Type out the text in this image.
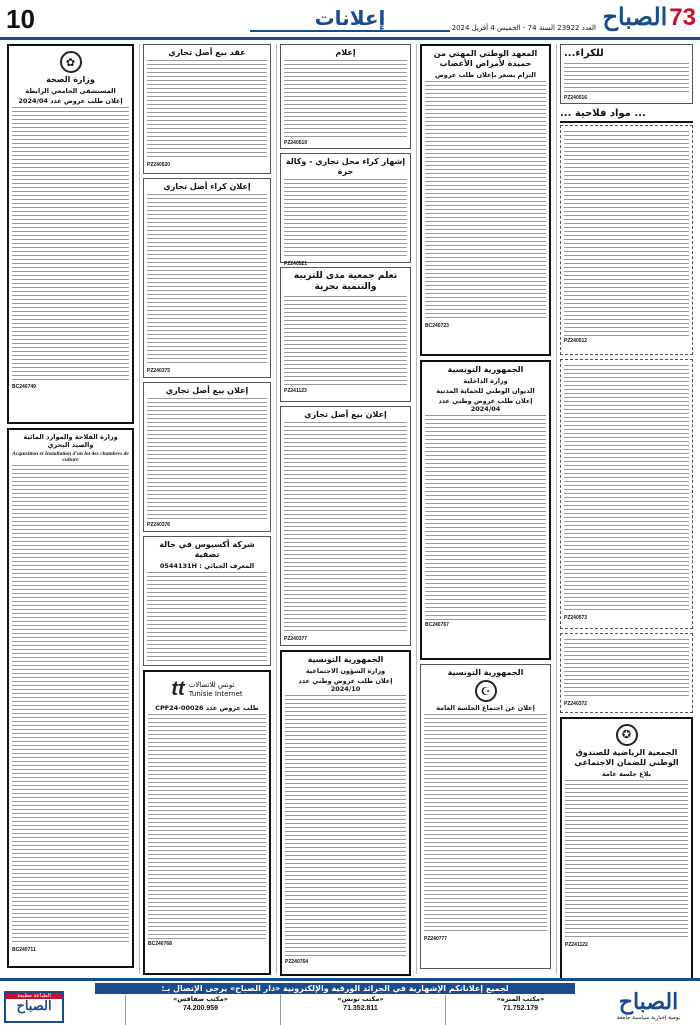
10	إعلانات	73الصباح
العدد 23922 السنة 74 - الخميس 4 أفريل 2024
للكراء...
PZ240516
... مواد فلاحية ...
PZ240512
PZ240573
PZ240372
✪
الجمعية الرياضية للصندوق الوطني للضمان الاجتماعي
بلاغ جلسة عامة
PZ241122
المعهد الوطني المهني من حميدة لأمراض الأعصاب
التزام بسعر بإعلان طلب عروض
BC240723
الجمهورية التونسية
وزارة الداخلية
الديوان الوطني للحماية المدنية
إعلان طلب عروض وطني عدد 2024/04
BC240767
الجمهورية التونسية
☪
إعلان عن اجتماع الجلسة العامة
PZ240777
إعلام
PZ240519
إشهار كراء محل تجاري - وكالة حرة
PZ240521
تعلم جمعية مدى للتربية والتنمية بجربة
PZ241123
إعلان بيع أصل تجاري
PZ240377
الجمهورية التونسية
وزارة الشؤون الاجتماعية
إعلان طلب عروض وطني عدد 2024/10
PZ240764
عقد بيع أصل تجاري
PZ240520
إعلان كراء أصل تجاري
PZ240375
إعلان بيع أصل تجاري
PZ240376
شركة أكسيوس في حالة تصفية
المعرف الجبائي : 0544131H
tt تونس للاتصالات
Tunisie Internet
طلب عروض عدد CPF24-00026
BC240768
✿
وزارة الصحة
المستشفى الجامعي الرابطة
إعلان طلب عروض عدد 2024/04
BC240749
وزارة الفلاحة والموارد المائية والصيد البحري
Acquisition et Installation d'un lot des chambres de culture
BC240711
لجميع إعلاناتكم الإشهارية في الجرائد الورقية والإلكترونية «دار الصباح» يرجى الإتصال بـ:
الصباح
يومية إخبارية سياسية جامعة
«مكتب المنزه»
71.752.179
«مكتب تونس»
71.352.811
«مكتب صفاقس»
74.200.959
الطباعة مطبعة
الصباح
